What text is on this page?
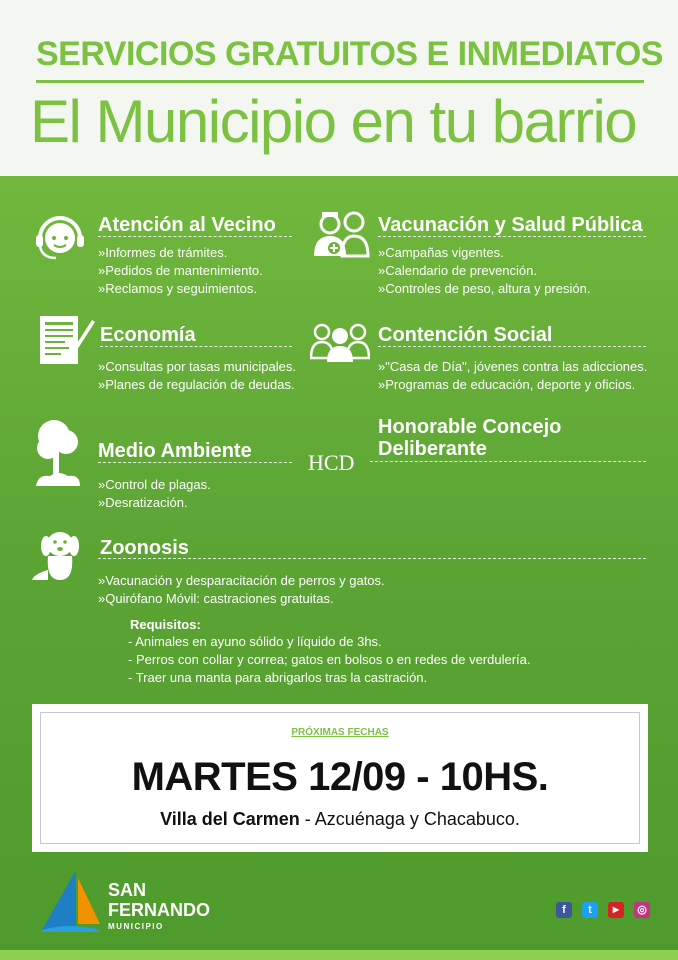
SERVICIOS GRATUITOS E INMEDIATOS
El Municipio en tu barrio
Atención al Vecino
»Informes de trámites.
»Pedidos de mantenimiento.
»Reclamos y seguimientos.
Vacunación y Salud Pública
»Campañas vigentes.
»Calendario de prevención.
»Controles de peso, altura y presión.
Economía
»Consultas por tasas municipales.
»Planes de regulación de deudas.
Contención Social
»"Casa de Día", jóvenes contra las adicciones.
»Programas de educación, deporte y oficios.
Medio Ambiente
»Control de plagas.
»Desratización.
HCD
Honorable Concejo
Deliberante
Zoonosis
»Vacunación y desparacitación de perros y gatos.
»Quirófano Móvil: castraciones gratuitas.
Requisitos:
- Animales en ayuno sólido y líquido de 3hs.
- Perros con collar y correa; gatos en bolsos o en redes de verdulería.
- Traer una manta para abrigarlos tras la castración.
PRÓXIMAS FECHAS
MARTES 12/09 - 10HS.
Villa del Carmen - Azcuénaga y Chacabuco.
SAN
FERNANDO
MUNICIPIO
f	t	▶	◎
